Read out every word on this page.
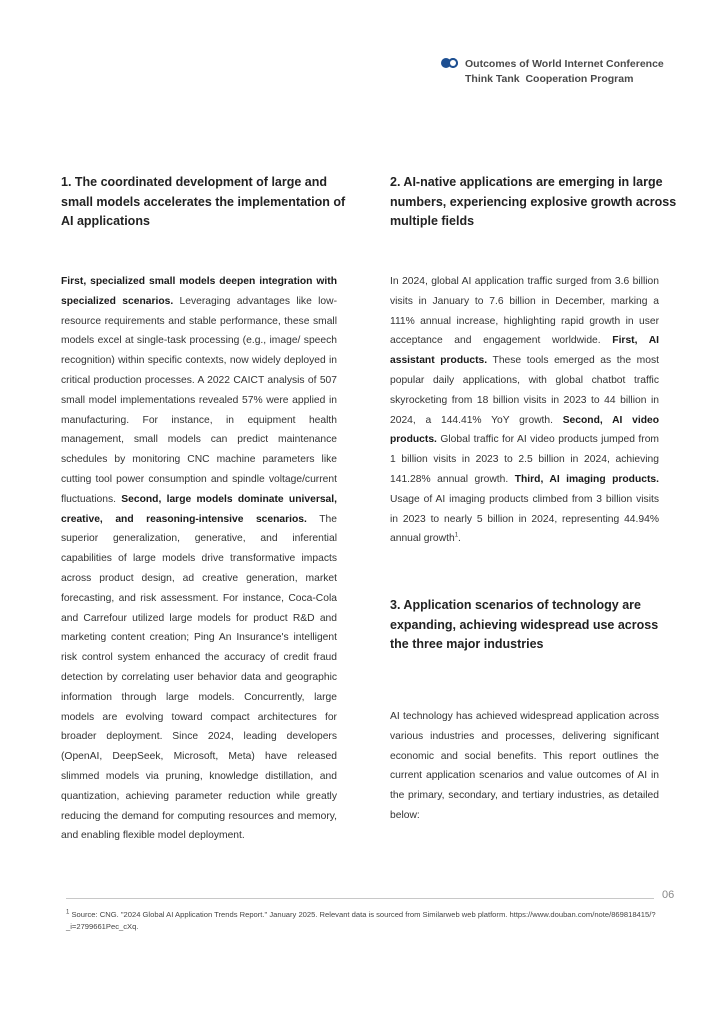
Outcomes of World Internet Conference
Think Tank  Cooperation Program
1. The coordinated development of large and small models accelerates the implementation of AI applications
First, specialized small models deepen integration with specialized scenarios. Leveraging advantages like low-resource requirements and stable performance, these small models excel at single-task processing (e.g., image/ speech recognition) within specific contexts, now widely deployed in critical production processes. A 2022 CAICT analysis of 507 small model implementations revealed 57% were applied in manufacturing. For instance, in equipment health management, small models can predict maintenance schedules by monitoring CNC machine parameters like cutting tool power consumption and spindle voltage/current fluctuations. Second, large models dominate universal, creative, and reasoning-intensive scenarios. The superior generalization, generative, and inferential capabilities of large models drive transformative impacts across product design, ad creative generation, market forecasting, and risk assessment. For instance, Coca-Cola and Carrefour utilized large models for product R&D and marketing content creation; Ping An Insurance's intelligent risk control system enhanced the accuracy of credit fraud detection by correlating user behavior data and geographic information through large models. Concurrently, large models are evolving toward compact architectures for broader deployment. Since 2024, leading developers (OpenAI, DeepSeek, Microsoft, Meta) have released slimmed models via pruning, knowledge distillation, and quantization, achieving parameter reduction while greatly reducing the demand for computing resources and memory, and enabling flexible model deployment.
2. AI-native applications are emerging in large numbers, experiencing explosive growth across multiple fields
In 2024, global AI application traffic surged from 3.6 billion visits in January to 7.6 billion in December, marking a 111% annual increase, highlighting rapid growth in user acceptance and engagement worldwide. First, AI assistant products. These tools emerged as the most popular daily applications, with global chatbot traffic skyrocketing from 18 billion visits in 2023 to 44 billion in 2024, a 144.41% YoY growth. Second, AI video products. Global traffic for AI video products jumped from 1 billion visits in 2023 to 2.5 billion in 2024, achieving 141.28% annual growth. Third, AI imaging products. Usage of AI imaging products climbed from 3 billion visits in 2023 to nearly 5 billion in 2024, representing 44.94% annual growth$^1$.
3. Application scenarios of technology are expanding, achieving widespread use across the three major industries
AI technology has achieved widespread application across various industries and processes, delivering significant economic and social benefits. This report outlines the current application scenarios and value outcomes of AI in the primary, secondary, and tertiary industries, as detailed below:
06
$^1$ Source: CNG. "2024 Global AI Application Trends Report." January 2025. Relevant data is sourced from Similarweb web platform. https://www.douban.com/note/869818415/?_i=2799661Pec_cXq.
